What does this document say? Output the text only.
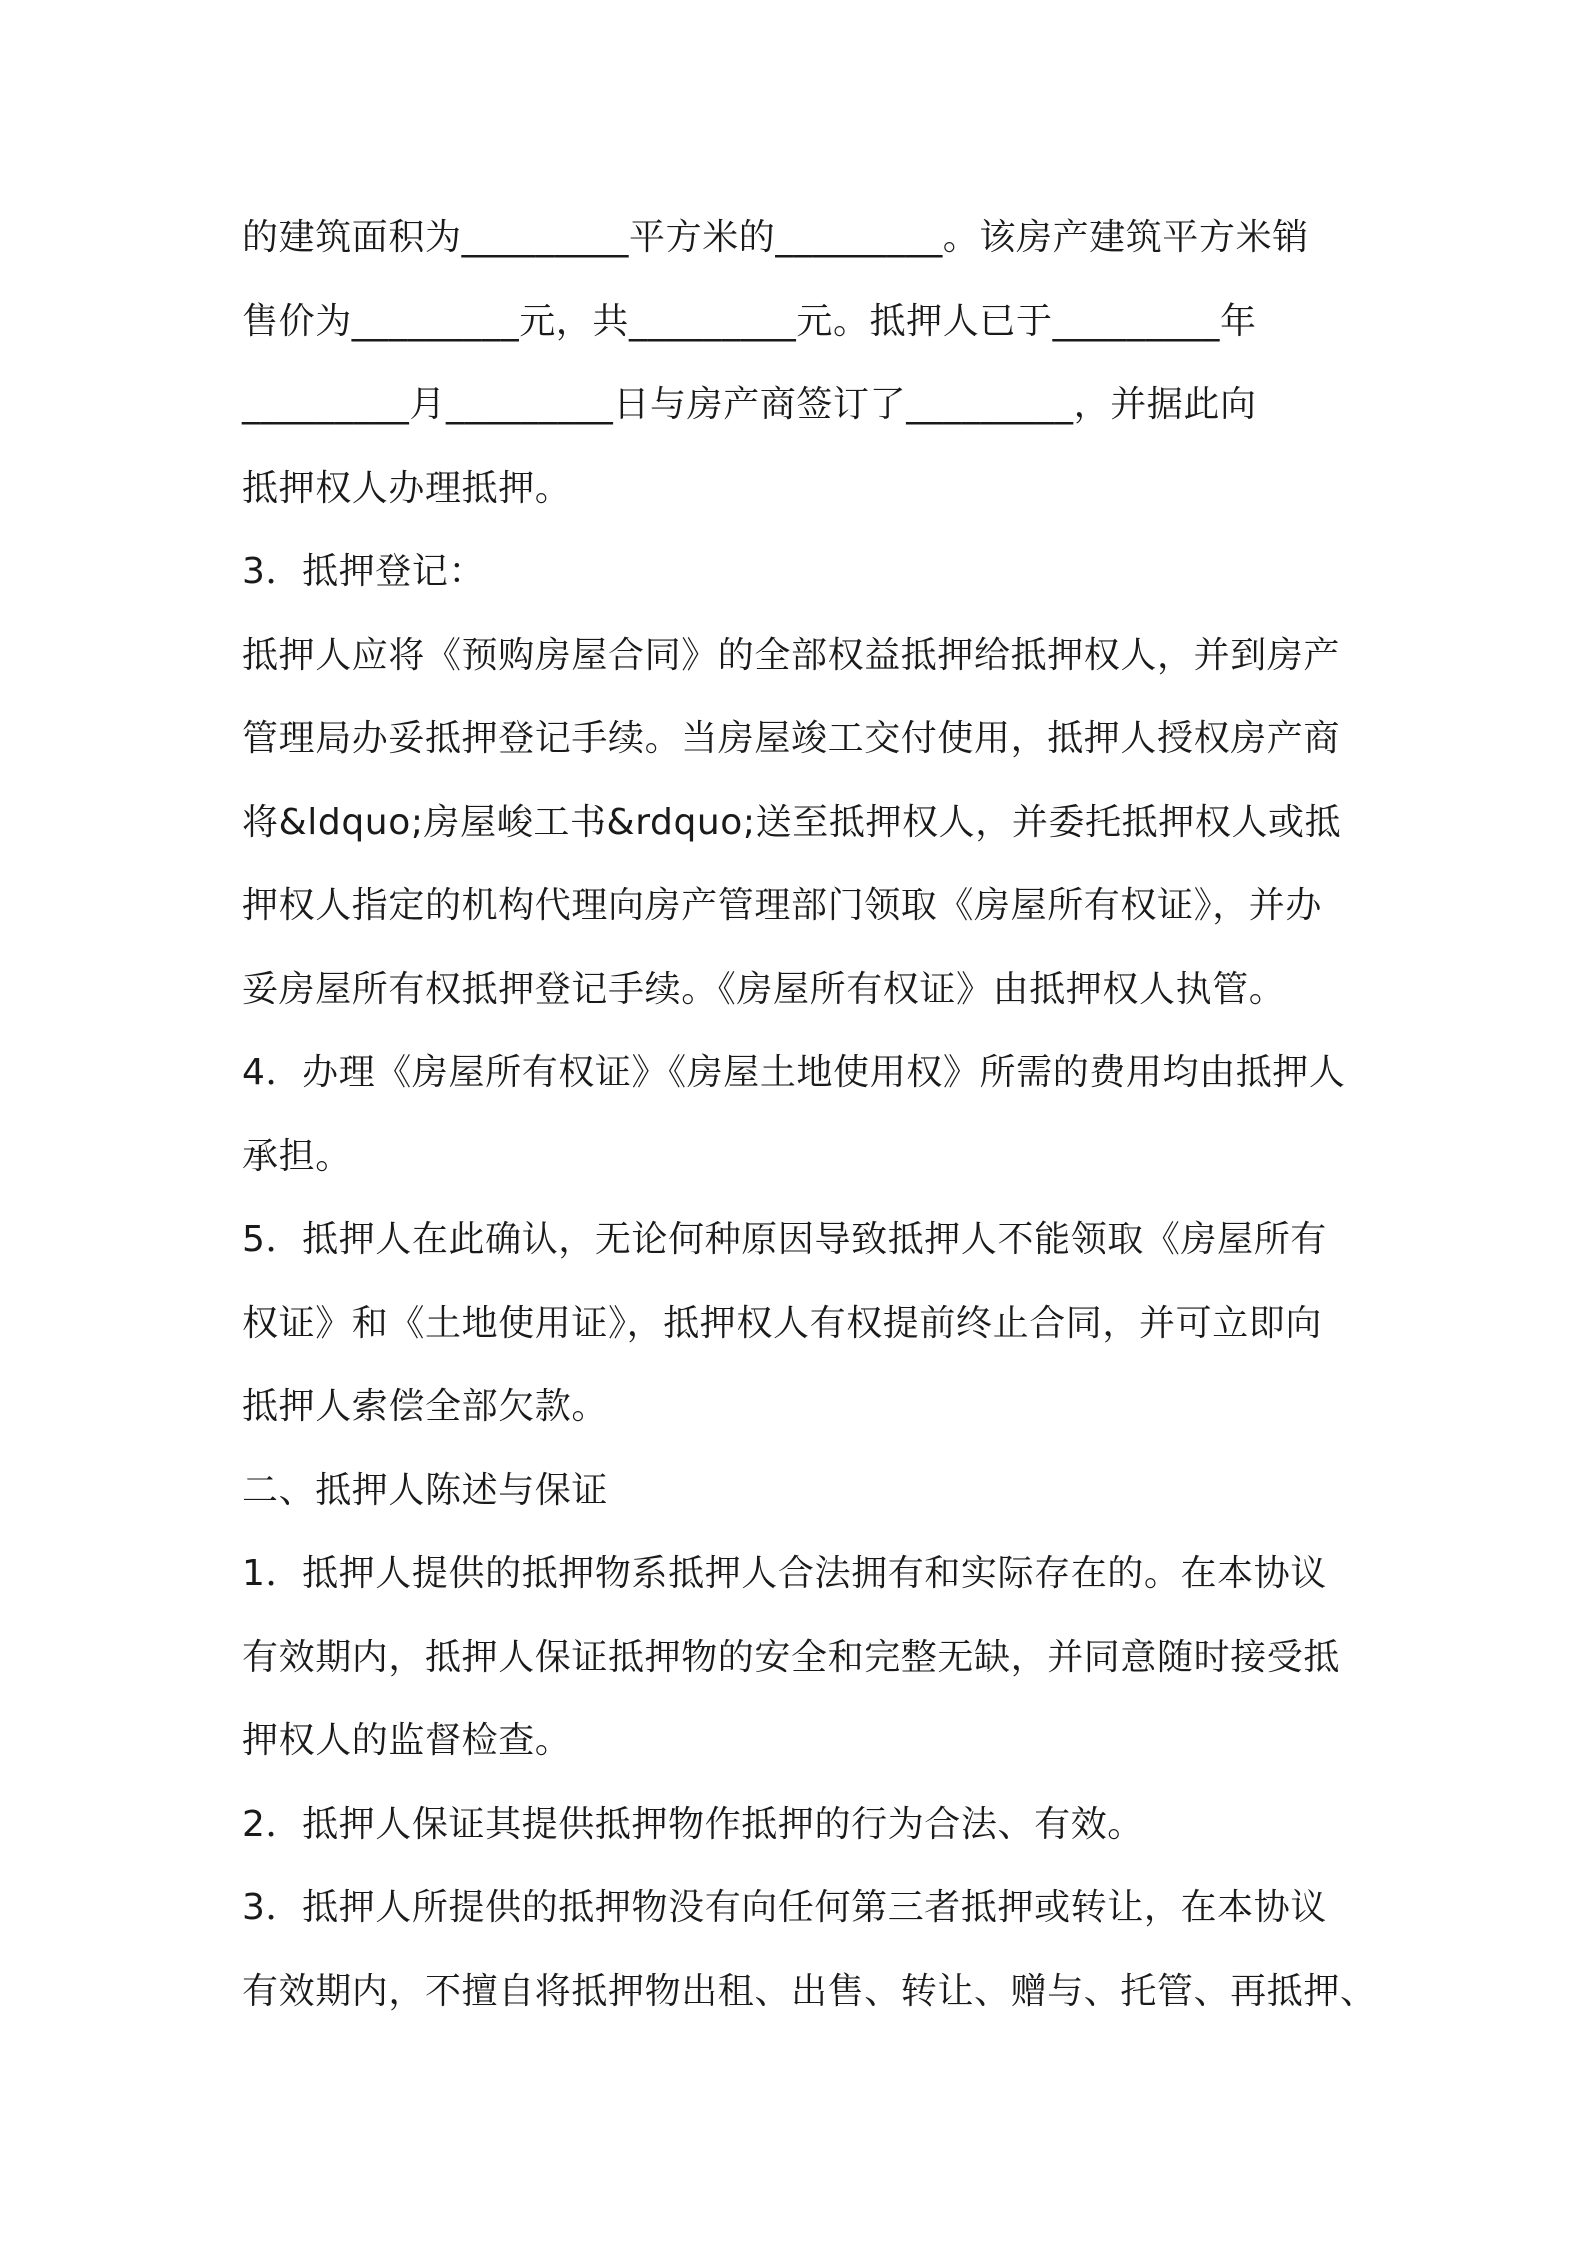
的建筑面积为_________平方米的_________。该房产建筑平方米销
售价为_________元，共_________元。抵押人已于_________年
_________月_________日与房产商签订了_________，并据此向
抵押权人办理抵押。
3．抵押登记：
抵押人应将《预购房屋合同》的全部权益抵押给抵押权人，并到房产
管理局办妥抵押登记手续。当房屋竣工交付使用，抵押人授权房产商
将&ldquo;房屋峻工书&rdquo;送至抵押权人，并委托抵押权人或抵
押权人指定的机构代理向房产管理部门领取《房屋所有权证》，并办
妥房屋所有权抵押登记手续。《房屋所有权证》由抵押权人执管。
4．办理《房屋所有权证》《房屋土地使用权》所需的费用均由抵押人
承担。
5．抵押人在此确认，无论何种原因导致抵押人不能领取《房屋所有
权证》和《土地使用证》，抵押权人有权提前终止合同，并可立即向
抵押人索偿全部欠款。
二、抵押人陈述与保证
1．抵押人提供的抵押物系抵押人合法拥有和实际存在的。在本协议
有效期内，抵押人保证抵押物的安全和完整无缺，并同意随时接受抵
押权人的监督检查。
2．抵押人保证其提供抵押物作抵押的行为合法、有效。
3．抵押人所提供的抵押物没有向任何第三者抵押或转让，在本协议
有效期内，不擅自将抵押物出租、出售、转让、赠与、托管、再抵押、
